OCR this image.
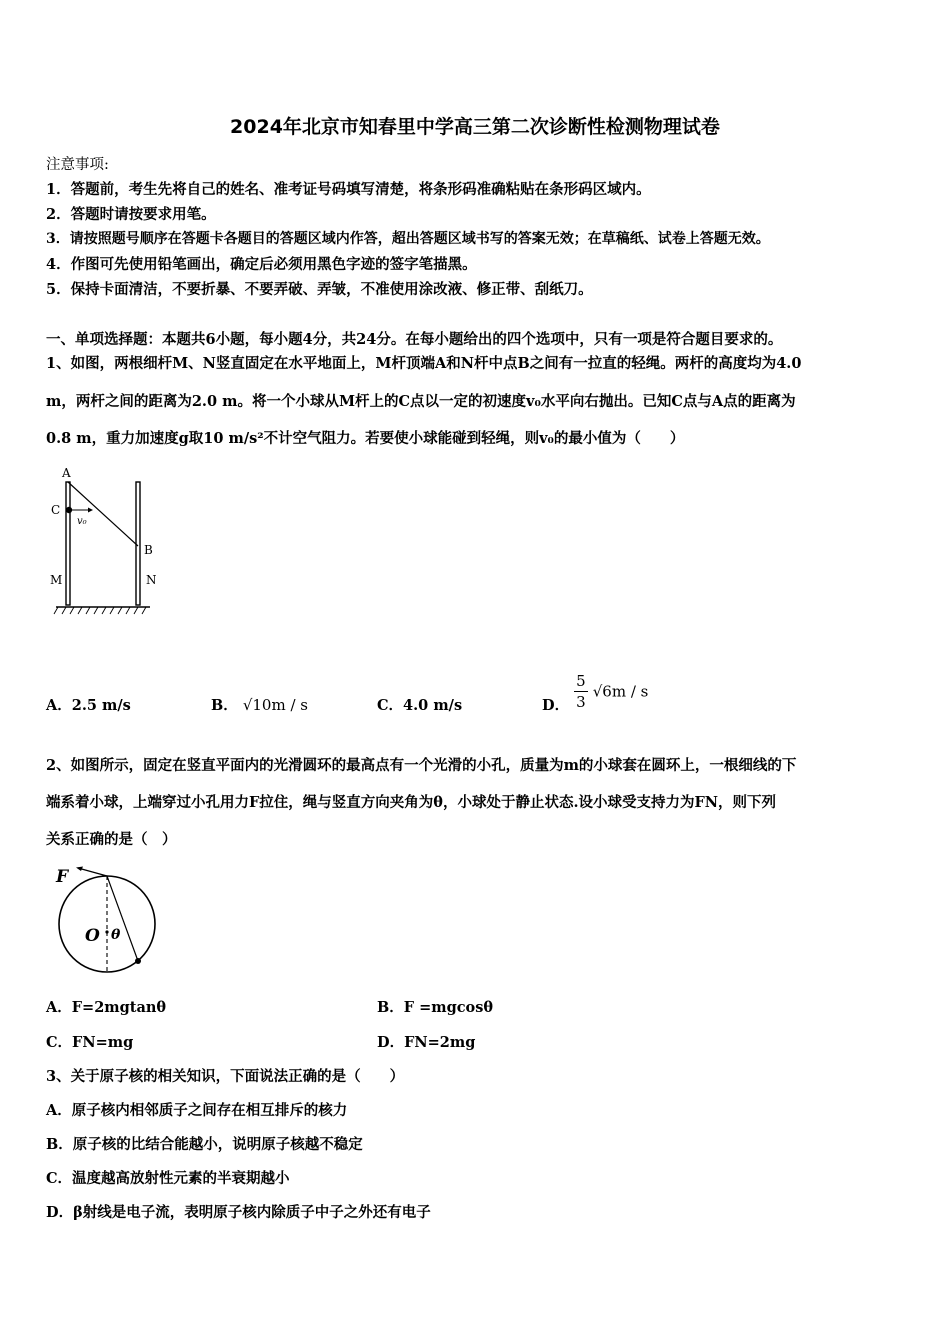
2024年北京市知春里中学高三第二次诊断性检测物理试卷
注意事项:
1．答题前，考生先将自己的姓名、准考证号码填写清楚，将条形码准确粘贴在条形码区域内。
2．答题时请按要求用笔。
3．请按照题号顺序在答题卡各题目的答题区域内作答，超出答题区域书写的答案无效；在草稿纸、试卷上答题无效。
4．作图可先使用铅笔画出，确定后必须用黑色字迹的签字笔描黑。
5．保持卡面清洁，不要折暴、不要弄破、弄皱，不准使用涂改液、修正带、刮纸刀。
一、单项选择题：本题共6小题，每小题4分，共24分。在每小题给出的四个选项中，只有一项是符合题目要求的。
1、如图，两根细杆M、N竖直固定在水平地面上，M杆顶端A和N杆中点B之间有一拉直的轻绳。两杆的高度均为4.0
m，两杆之间的距离为2.0 m。将一个小球从M杆上的C点以一定的初速度v₀水平向右抛出。已知C点与A点的距离为
0.8 m，重力加速度g取10 m/s²不计空气阻力。若要使小球能碰到轻绳，则v₀的最小值为（　　）
A
C
v₀
B
M	N
A．2.5 m/s	B． √10m / s	C．4.0 m/s	D． $\frac{5}{3} √6m$ / s
2、如图所示，固定在竖直平面内的光滑圆环的最高点有一个光滑的小孔，质量为m的小球套在圆环上，一根细线的下
端系着小球，上端穿过小孔用力F拉住，绳与竖直方向夹角为θ，小球处于静止状态.设小球受支持力为FN，则下列
关系正确的是（　）
F
O θ
A．F=2mgtanθ	B．F =mgcosθ
C．FN=mg	D．FN=2mg
3、关于原子核的相关知识，下面说法正确的是（　　）
A．原子核内相邻质子之间存在相互排斥的核力
B．原子核的比结合能越小，说明原子核越不稳定
C．温度越高放射性元素的半衰期越小
D．β射线是电子流，表明原子核内除质子中子之外还有电子
